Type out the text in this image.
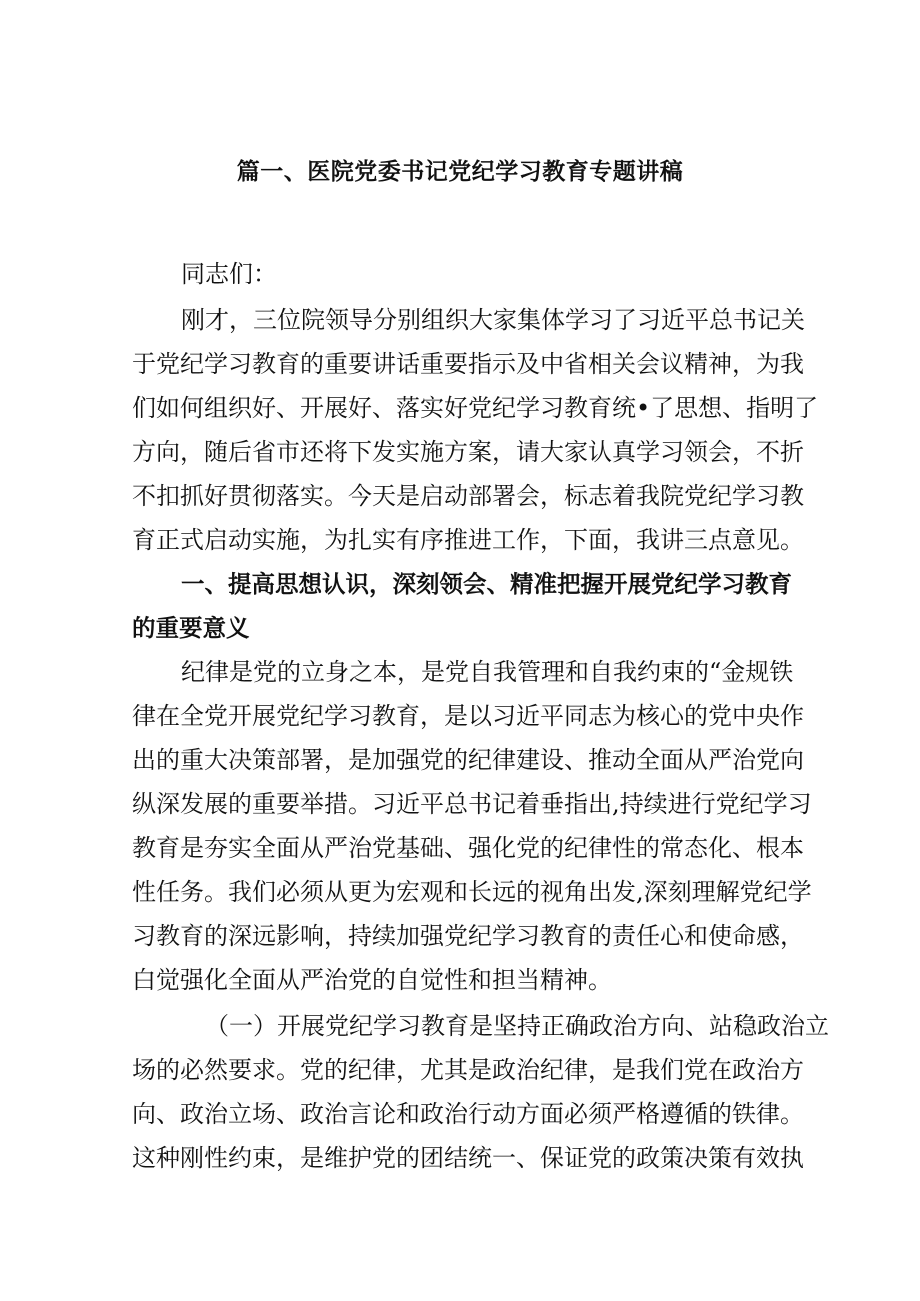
篇一、医院党委书记党纪学习教育专题讲稿
同志们：
刚才，三位院领导分别组织大家集体学习了习近平总书记关
于党纪学习教育的重要讲话重要指示及中省相关会议精神，为我
们如何组织好、开展好、落实好党纪学习教育统•了思想、指明了
方向，随后省市还将下发实施方案，请大家认真学习领会，不折
不扣抓好贯彻落实。今天是启动部署会，标志着我院党纪学习教
育正式启动实施，为扎实有序推进工作，下面，我讲三点意见。
一、提高思想认识，深刻领会、精准把握开展党纪学习教育
的重要意义
纪律是党的立身之本，是党自我管理和自我约束的“金规铁
律在全党开展党纪学习教育，是以习近平同志为核心的党中央作
出的重大决策部署，是加强党的纪律建设、推动全面从严治党向
纵深发展的重要举措。习近平总书记着垂指出,持续进行党纪学习
教育是夯实全面从严治党基础、强化党的纪律性的常态化、根本
性任务。我们必须从更为宏观和长远的视角出发,深刻理解党纪学
习教育的深远影响，持续加强党纪学习教育的责任心和使命感，
白觉强化全面从严治党的自觉性和担当精神。
（一）开展党纪学习教育是坚持正确政治方向、站稳政治立
场的必然要求。党的纪律，尤其是政治纪律，是我们党在政治方
向、政治立场、政治言论和政治行动方面必须严格遵循的铁律。
这种刚性约束，是维护党的团结统一、保证党的政策决策有效执
